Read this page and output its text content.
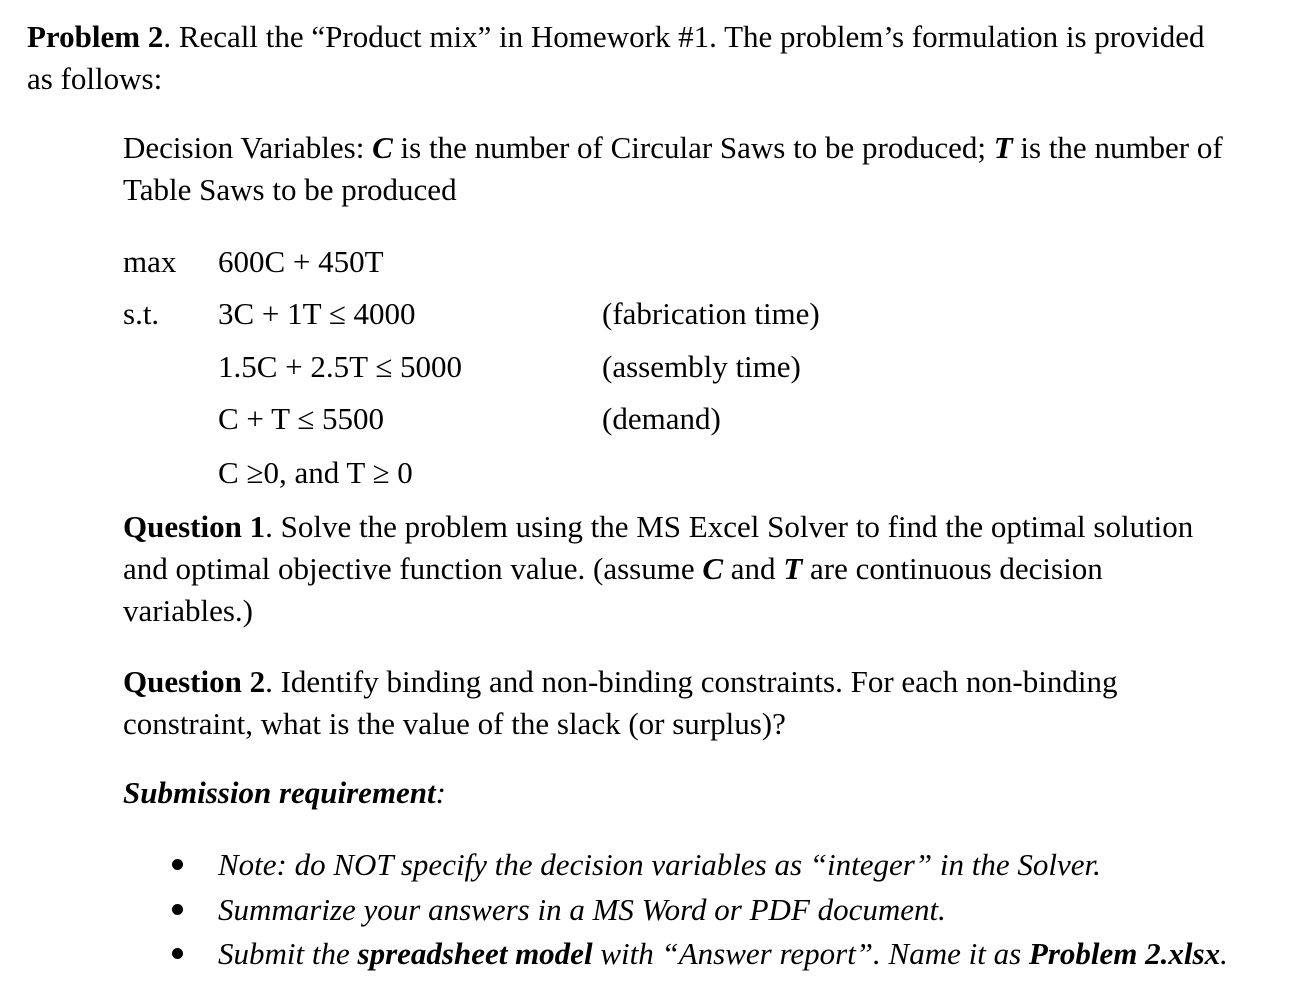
Problem 2. Recall the “Product mix” in Homework #1. The problem’s formulation is provided
as follows:
Decision Variables: C is the number of Circular Saws to be produced; T is the number of
Table Saws to be produced
max 600C + 450T
s.t. 3C + 1T ≤ 4000	(fabrication time)
1.5C + 2.5T ≤ 5000	(assembly time)
C + T ≤ 5500	(demand)
C ≥0, and T ≥ 0
Question 1. Solve the problem using the MS Excel Solver to find the optimal solution
and optimal objective function value. (assume C and T are continuous decision
variables.)
Question 2. Identify binding and non-binding constraints. For each non-binding
constraint, what is the value of the slack (or surplus)?
Submission requirement:
Note: do NOT specify the decision variables as “integer” in the Solver.
Summarize your answers in a MS Word or PDF document.
Submit the spreadsheet model with “Answer report”. Name it as Problem 2.xlsx.
